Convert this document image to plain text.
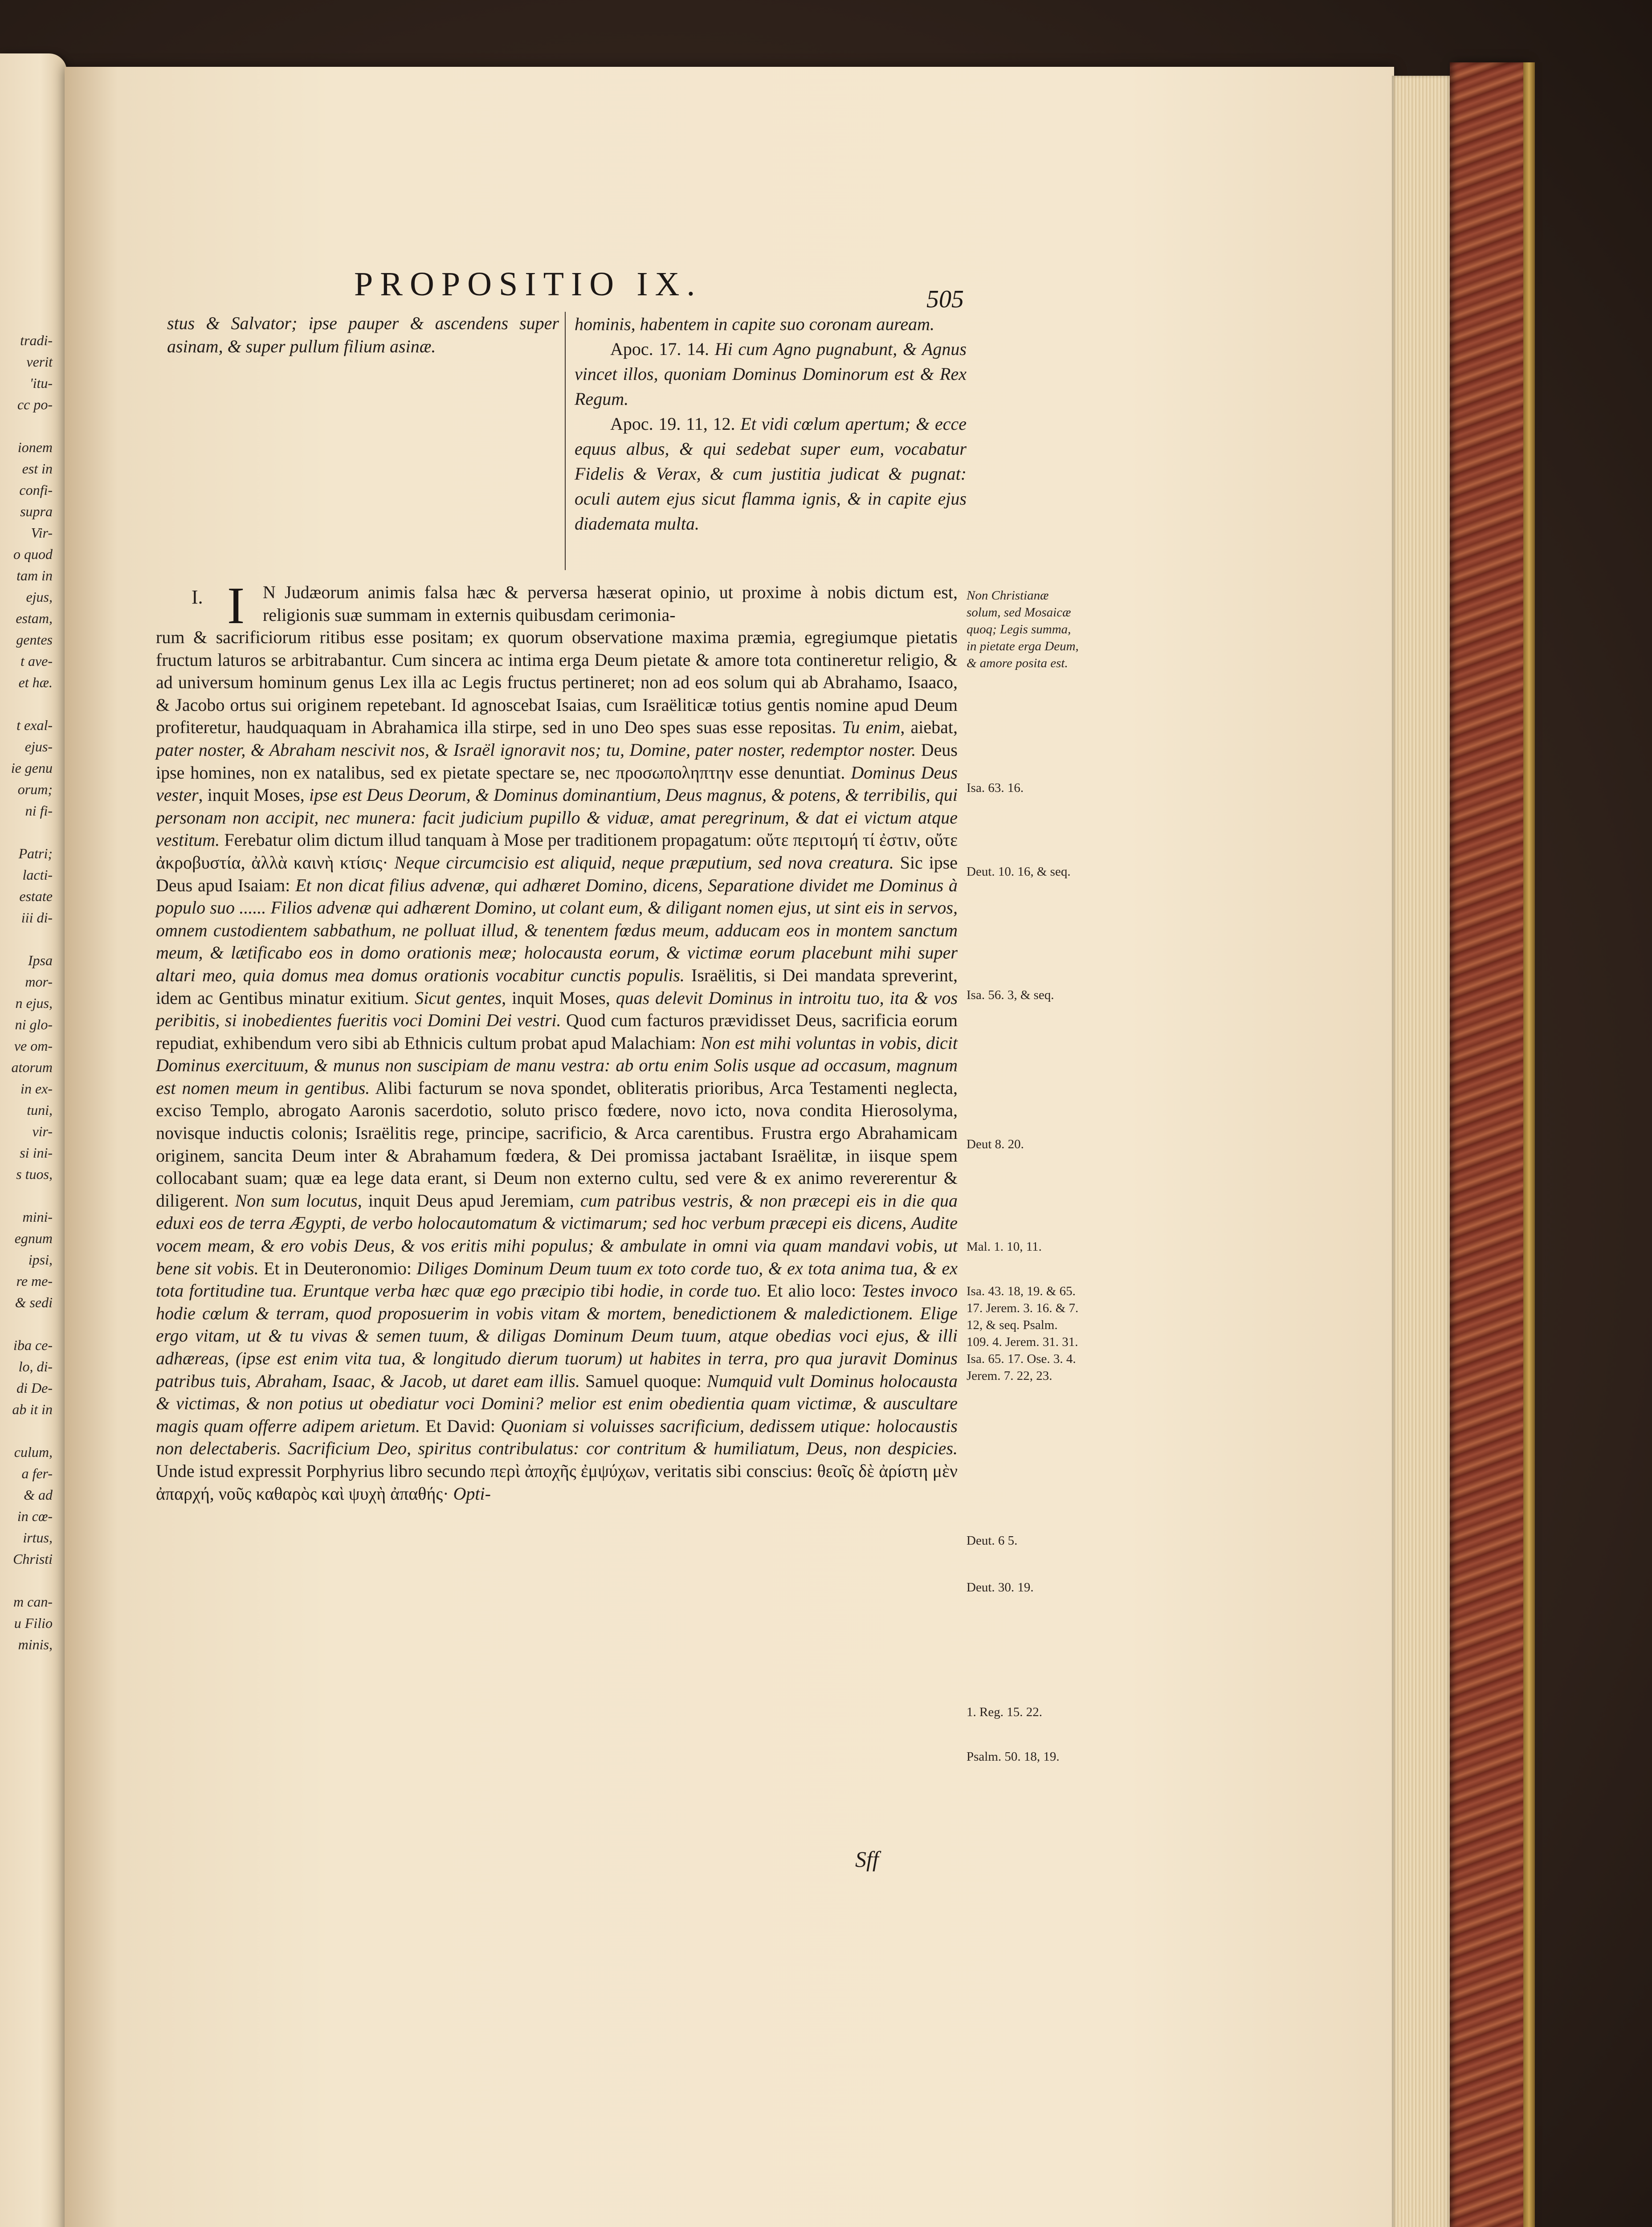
tradi-
verit
'itu-
cc po-

ionem
est in
confi-
supra
Vir-
o quod
tam in
ejus,
estam,
gentes
t ave-
et hæ.

t exal-
ejus-
ie genu
orum;
ni fi-

Patri;
lacti-
estate
iii di-

Ipsa
mor-
n ejus,
ni glo-
ve om-
atorum
in ex-
tuni,
vir-
si ini-
s tuos,

mini-
egnum
ipsi,
re me-
& sedi

iba ce-
lo, di-
di De-
ab it in

culum,
a fer-
& ad
in cœ-
irtus,
Christi

m can-
u Filio
minis,
PROPOSITIO IX.	505
stus & Salvator; ipse pauper & ascendens super asinam, & super pullum filium asinæ.
hominis, habentem in capite suo coronam auream.
Apoc. 17. 14. Hi cum Agno pugnabunt, & Agnus vincet illos, quoniam Dominus Dominorum est & Rex Regum.
Apoc. 19. 11, 12. Et vidi cœlum apertum; & ecce equus albus, & qui sedebat super eum, vocabatur Fidelis & Verax, & cum justitia judicat & pugnat: oculi autem ejus sicut flamma ignis, & in capite ejus diademata multa.
I. I N Judæorum animis falsa hæc & perversa hæserat opinio, ut proxime à nobis dictum est, religionis suæ summam in externis quibusdam cerimonia-
rum & sacrificiorum ritibus esse positam; ex quorum observatione maxima præmia, egregiumque pietatis fructum laturos se arbitrabantur. Cum sincera ac intima erga Deum pietate & amore tota contineretur religio, & ad universum hominum genus Lex illa ac Legis fructus pertineret; non ad eos solum qui ab Abrahamo, Isaaco, & Jacobo ortus sui originem repetebant. Id agnoscebat Isaias, cum Israëliticæ totius gentis nomine apud Deum profiteretur, haudquaquam in Abrahamica illa stirpe, sed in uno Deo spes suas esse repositas. Tu enim, aiebat, pater noster, & Abraham nescivit nos, & Israël ignoravit nos; tu, Domine, pater noster, redemptor noster. Deus ipse homines, non ex natalibus, sed ex pietate spectare se, nec προσωποληπτην esse denuntiat. Dominus Deus vester, inquit Moses, ipse est Deus Deorum, & Dominus dominantium, Deus magnus, & potens, & terribilis, qui personam non accipit, nec munera: facit judicium pupillo & viduæ, amat peregrinum, & dat ei victum atque vestitum. Ferebatur olim dictum illud tanquam à Mose per traditionem propagatum: οὔτε περιτομή τί ἐστιν, οὔτε ἀκροβυστία, ἀλλὰ καινὴ κτίσις· Neque circumcisio est aliquid, neque præputium, sed nova creatura. Sic ipse Deus apud Isaiam: Et non dicat filius advenæ, qui adhæret Domino, dicens, Separatione dividet me Dominus à populo suo ...... Filios advenæ qui adhærent Domino, ut colant eum, & diligant nomen ejus, ut sint eis in servos, omnem custodientem sabbathum, ne polluat illud, & tenentem fœdus meum, adducam eos in montem sanctum meum, & lætificabo eos in domo orationis meæ; holocausta eorum, & victimæ eorum placebunt mihi super altari meo, quia domus mea domus orationis vocabitur cunctis populis. Israëlitis, si Dei mandata spreverint, idem ac Gentibus minatur exitium. Sicut gentes, inquit Moses, quas delevit Dominus in introitu tuo, ita & vos peribitis, si inobedientes fueritis voci Domini Dei vestri. Quod cum facturos prævidisset Deus, sacrificia eorum repudiat, exhibendum vero sibi ab Ethnicis cultum probat apud Malachiam: Non est mihi voluntas in vobis, dicit Dominus exercituum, & munus non suscipiam de manu vestra: ab ortu enim Solis usque ad occasum, magnum est nomen meum in gentibus. Alibi facturum se nova spondet, obliteratis prioribus, Arca Testamenti neglecta, exciso Templo, abrogato Aaronis sacerdotio, soluto prisco fœdere, novo icto, nova condita Hierosolyma, novisque inductis colonis; Israëlitis rege, principe, sacrificio, & Arca carentibus. Frustra ergo Abrahamicam originem, sancita Deum inter & Abrahamum fœdera, & Dei promissa jactabant Israëlitæ, in iisque spem collocabant suam; quæ ea lege data erant, si Deum non externo cultu, sed vere & ex animo revererentur & diligerent. Non sum locutus, inquit Deus apud Jeremiam, cum patribus vestris, & non præcepi eis in die qua eduxi eos de terra Ægypti, de verbo holocautomatum & victimarum; sed hoc verbum præcepi eis dicens, Audite vocem meam, & ero vobis Deus, & vos eritis mihi populus; & ambulate in omni via quam mandavi vobis, ut bene sit vobis. Et in Deuteronomio: Diliges Dominum Deum tuum ex toto corde tuo, & ex tota anima tua, & ex tota fortitudine tua. Eruntque verba hæc quæ ego præcipio tibi hodie, in corde tuo. Et alio loco: Testes invoco hodie cœlum & terram, quod proposuerim in vobis vitam & mortem, benedictionem & maledictionem. Elige ergo vitam, ut & tu vivas & semen tuum, & diligas Dominum Deum tuum, atque obedias voci ejus, & illi adhæreas, (ipse est enim vita tua, & longitudo dierum tuorum) ut habites in terra, pro qua juravit Dominus patribus tuis, Abraham, Isaac, & Jacob, ut daret eam illis. Samuel quoque: Numquid vult Dominus holocausta & victimas, & non potius ut obediatur voci Domini? melior est enim obedientia quam victimæ, & auscultare magis quam offerre adipem arietum. Et David: Quoniam si voluisses sacrificium, dedissem utique: holocaustis non delectaberis. Sacrificium Deo, spiritus contribulatus: cor contritum & humiliatum, Deus, non despicies. Unde istud expressit Porphyrius libro secundo περὶ ἀποχῆς ἐμψύχων, veritatis sibi conscius: θεοῖς δὲ ἀρίστη μὲν ἀπαρχή, νοῦς καθαρὸς καὶ ψυχὴ ἀπαθής· Opti-
Non Christianæ solum, sed Mosaicæ quoq; Legis summa, in pietate erga Deum, & amore posita est.
Isa. 63. 16.
Deut. 10. 16, & seq.
Isa. 56. 3, & seq.
Deut 8. 20.
Mal. 1. 10, 11.
Isa. 43. 18, 19. & 65. 17. Jerem. 3. 16. & 7. 12, & seq. Psalm. 109. 4. Jerem. 31. 31. Isa. 65. 17. Ose. 3. 4. Jerem. 7. 22, 23.
Deut. 6 5.
Deut. 30. 19.
1. Reg. 15. 22.
Psalm. 50. 18, 19.
Sff
